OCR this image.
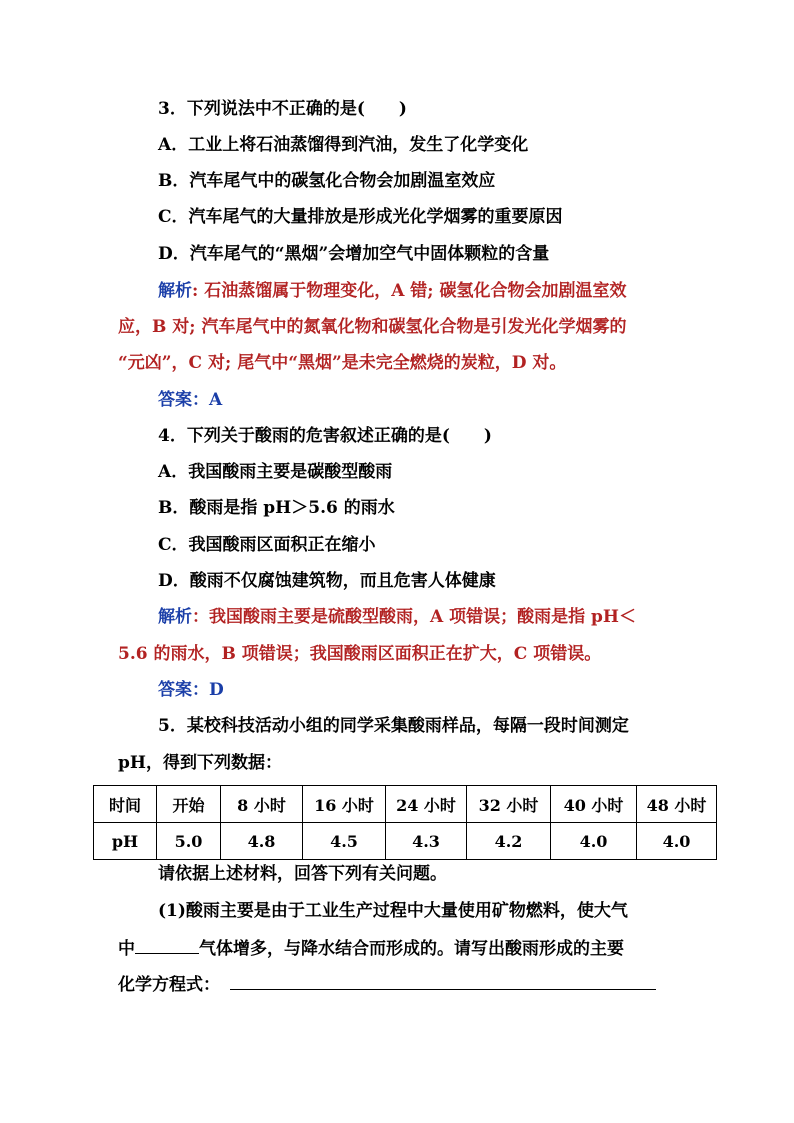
3．下列说法中不正确的是(　　)
A．工业上将石油蒸馏得到汽油，发生了化学变化
B．汽车尾气中的碳氢化合物会加剧温室效应
C．汽车尾气的大量排放是形成光化学烟雾的重要原因
D．汽车尾气的“黑烟”会增加空气中固体颗粒的含量
解析: 石油蒸馏属于物理变化，A 错; 碳氢化合物会加剧温室效
应，B 对; 汽车尾气中的氮氧化物和碳氢化合物是引发光化学烟雾的
“元凶”，C 对; 尾气中“黑烟”是未完全燃烧的炭粒，D 对。
答案：A
4．下列关于酸雨的危害叙述正确的是(　　)
A．我国酸雨主要是碳酸型酸雨
B．酸雨是指 pH＞5.6 的雨水
C．我国酸雨区面积正在缩小
D．酸雨不仅腐蚀建筑物，而且危害人体健康
解析：我国酸雨主要是硫酸型酸雨，A 项错误；酸雨是指 pH＜
5.6 的雨水，B 项错误；我国酸雨区面积正在扩大，C 项错误。
答案：D
5．某校科技活动小组的同学采集酸雨样品，每隔一段时间测定
pH，得到下列数据：
时间	开始	8 小时	16 小时	24 小时	32 小时	40 小时	48 小时
pH	5.0	4.8	4.5	4.3	4.2	4.0	4.0
请依据上述材料，回答下列有关问题。
(1)酸雨主要是由于工业生产过程中大量使用矿物燃料，使大气
中	气体增多，与降水结合而形成的。请写出酸雨形成的主要
化学方程式：
